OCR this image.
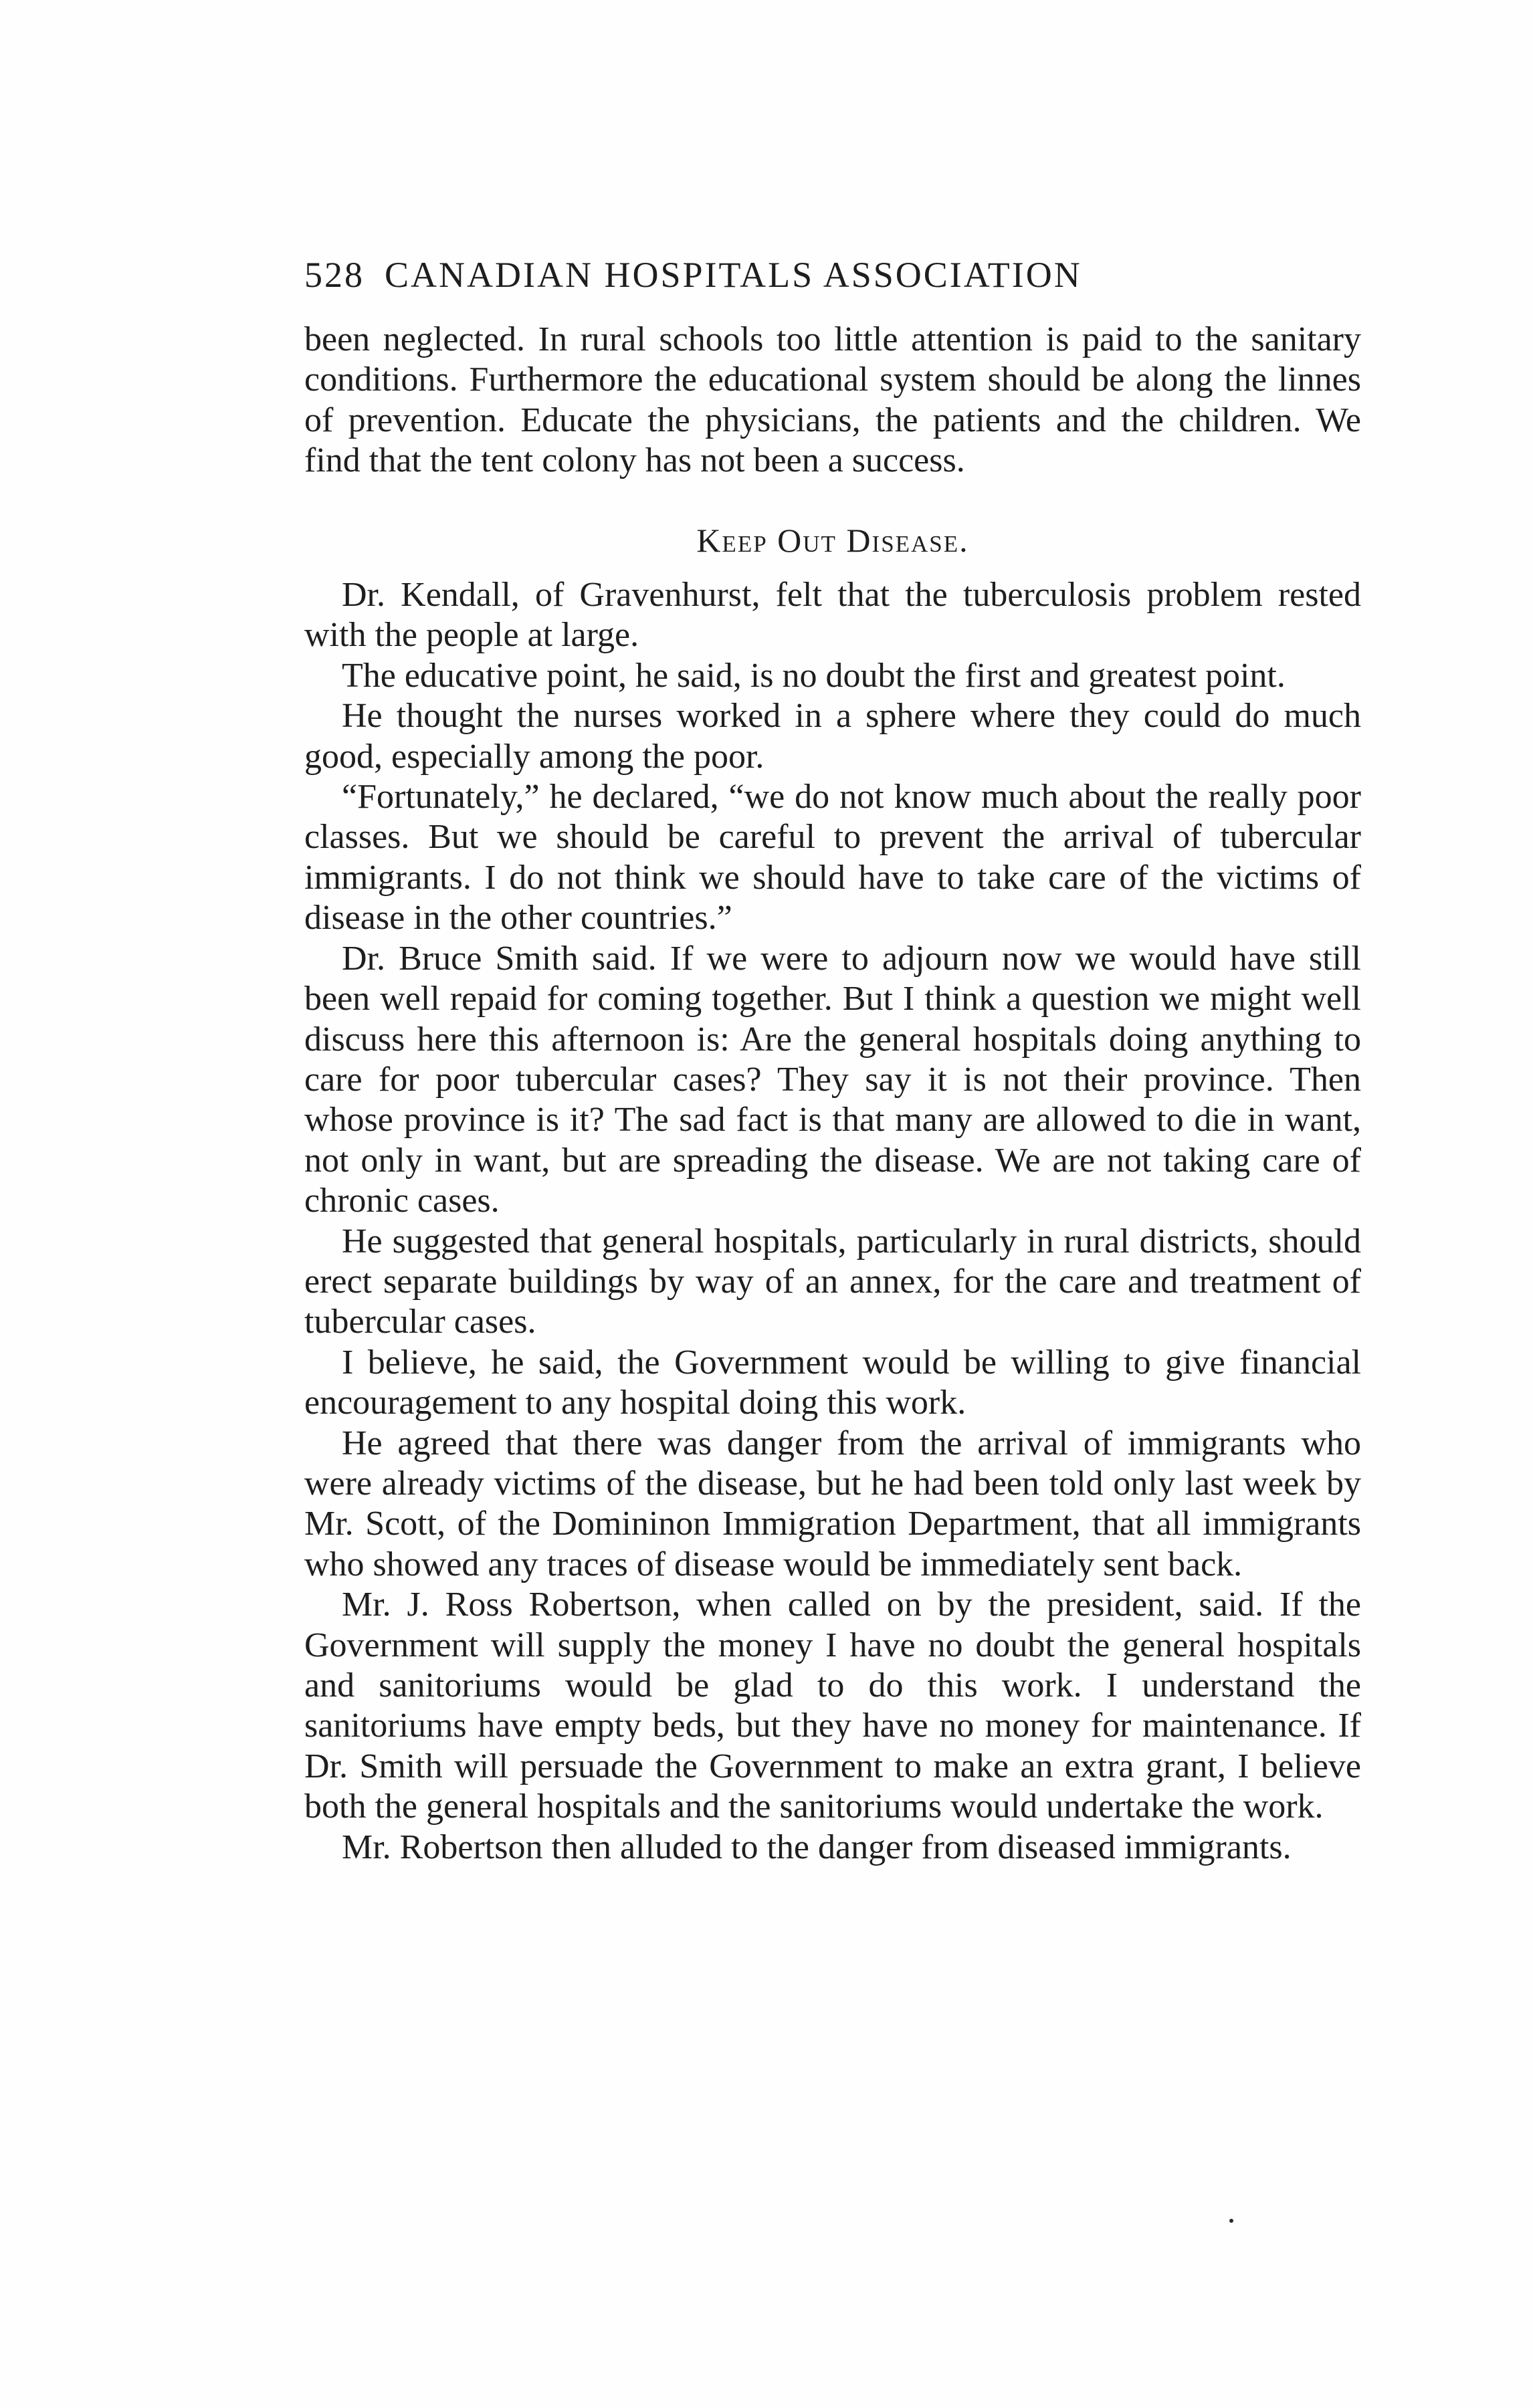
528 CANADIAN HOSPITALS ASSOCIATION

been neglected. In rural schools too little attention is paid to the sanitary conditions. Furthermore the educational system should be along the linnes of prevention. Educate the physicians, the patients and the children. We find that the tent colony has not been a success.

Keep Out Disease.

Dr. Kendall, of Gravenhurst, felt that the tuberculosis problem rested with the people at large.

The educative point, he said, is no doubt the first and greatest point.

He thought the nurses worked in a sphere where they could do much good, especially among the poor.

“Fortunately,” he declared, “we do not know much about the really poor classes. But we should be careful to prevent the arrival of tubercular immigrants. I do not think we should have to take care of the victims of disease in the other countries.”

Dr. Bruce Smith said. If we were to adjourn now we would have still been well repaid for coming together. But I think a question we might well discuss here this afternoon is: Are the general hospitals doing anything to care for poor tubercular cases? They say it is not their province. Then whose province is it? The sad fact is that many are allowed to die in want, not only in want, but are spreading the disease. We are not taking care of chronic cases.

He suggested that general hospitals, particularly in rural districts, should erect separate buildings by way of an annex, for the care and treatment of tubercular cases.

I believe, he said, the Government would be willing to give financial encouragement to any hospital doing this work.

He agreed that there was danger from the arrival of immigrants who were already victims of the disease, but he had been told only last week by Mr. Scott, of the Domininon Immigration Department, that all immigrants who showed any traces of disease would be immediately sent back.

Mr. J. Ross Robertson, when called on by the president, said. If the Government will supply the money I have no doubt the general hospitals and sanitoriums would be glad to do this work. I understand the sanitoriums have empty beds, but they have no money for maintenance. If Dr. Smith will persuade the Government to make an extra grant, I believe both the general hospitals and the sanitoriums would undertake the work.

Mr. Robertson then alluded to the danger from diseased immigrants.
